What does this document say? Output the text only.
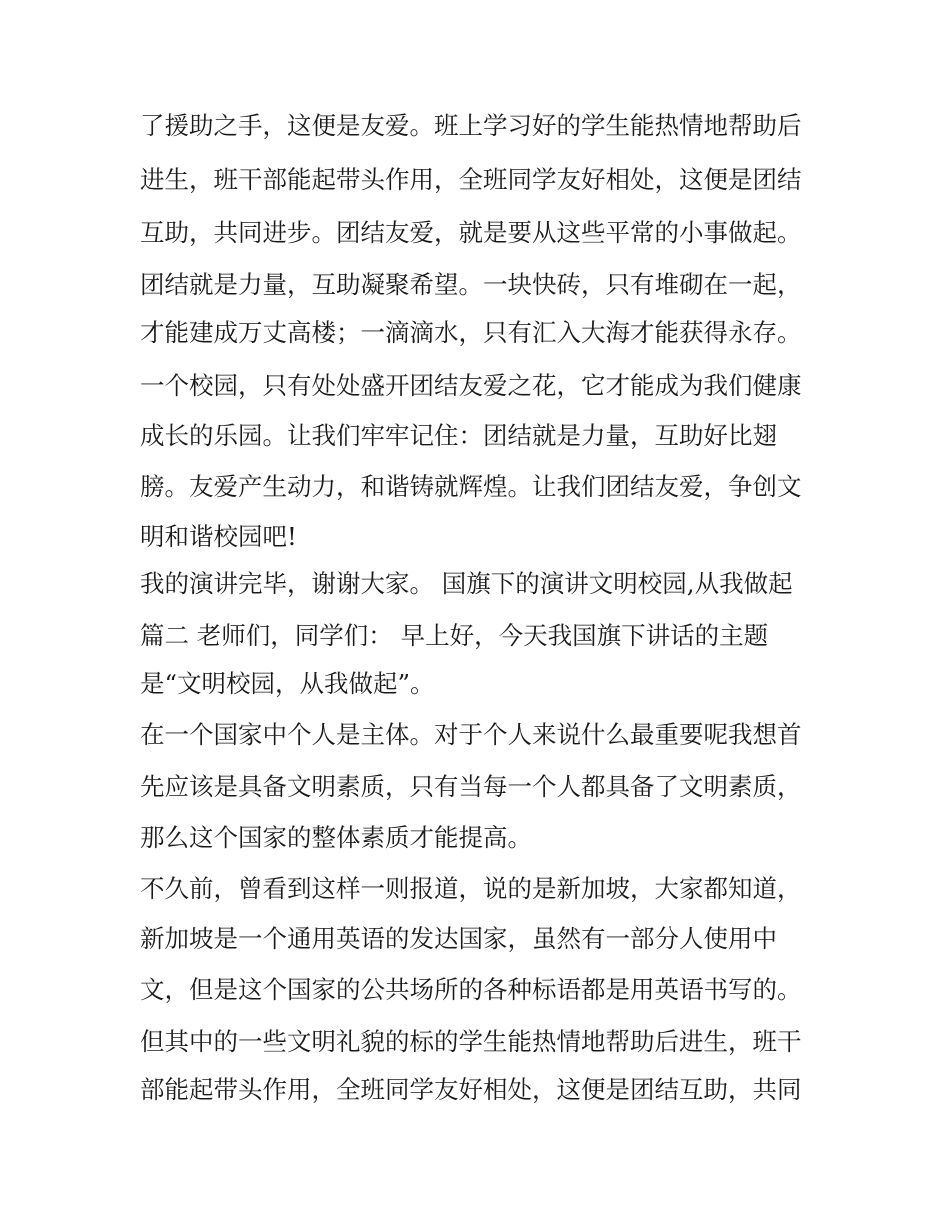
了援助之手，这便是友爱。班上学习好的学生能热情地帮助后
进生，班干部能起带头作用，全班同学友好相处，这便是团结
互助，共同进步。团结友爱，就是要从这些平常的小事做起。
团结就是力量，互助凝聚希望。一块快砖，只有堆砌在一起，
才能建成万丈高楼；一滴滴水，只有汇入大海才能获得永存。
一个校园，只有处处盛开团结友爱之花，它才能成为我们健康
成长的乐园。让我们牢牢记住：团结就是力量，互助好比翅
膀。友爱产生动力，和谐铸就辉煌。让我们团结友爱，争创文
明和谐校园吧!
我的演讲完毕，谢谢大家。 国旗下的演讲文明校园,从我做起
篇二 老师们，同学们： 早上好，今天我国旗下讲话的主题
是“文明校园，从我做起”。
在一个国家中个人是主体。对于个人来说什么最重要呢我想首
先应该是具备文明素质，只有当每一个人都具备了文明素质，
那么这个国家的整体素质才能提高。
不久前，曾看到这样一则报道，说的是新加坡，大家都知道，
新加坡是一个通用英语的发达国家，虽然有一部分人使用中
文，但是这个国家的公共场所的各种标语都是用英语书写的。
但其中的一些文明礼貌的标的学生能热情地帮助后进生，班干
部能起带头作用，全班同学友好相处，这便是团结互助，共同
